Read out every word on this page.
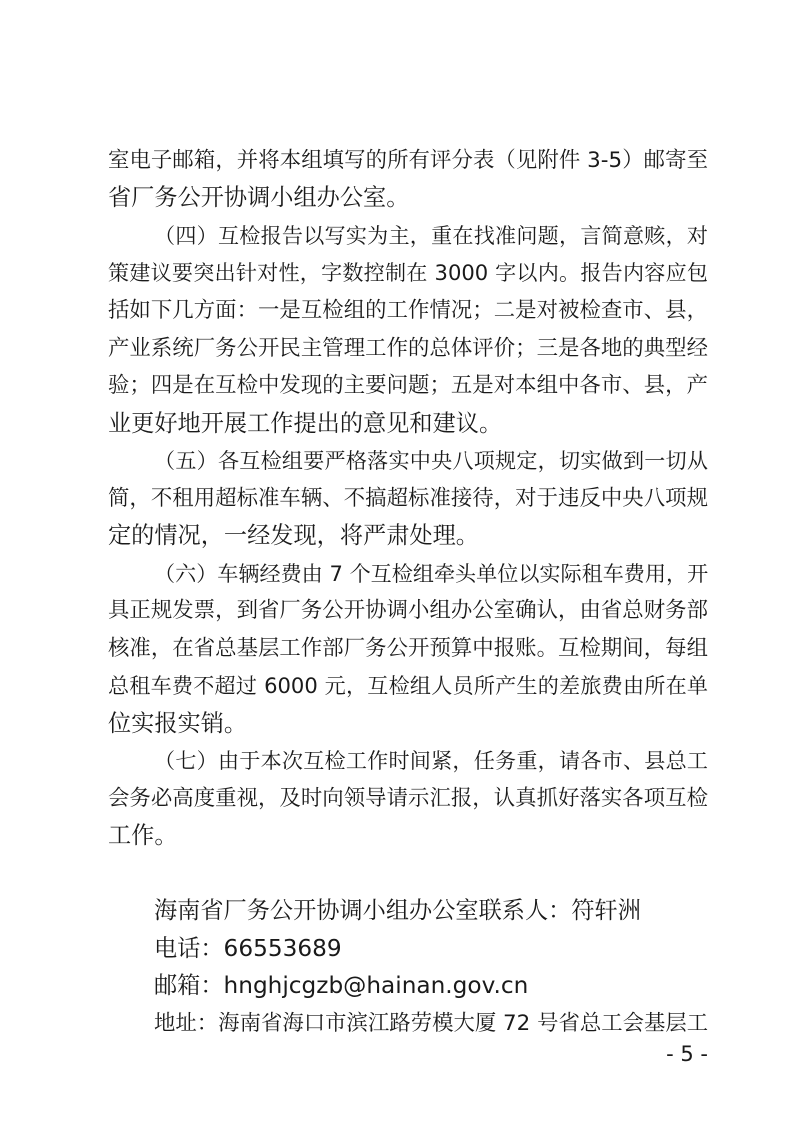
室电子邮箱，并将本组填写的所有评分表（见附件 3-5）邮寄至
省厂务公开协调小组办公室。
（四）互检报告以写实为主，重在找准问题，言简意赅，对
策建议要突出针对性，字数控制在 3000 字以内。报告内容应包
括如下几方面：一是互检组的工作情况；二是对被检查市、县，
产业系统厂务公开民主管理工作的总体评价；三是各地的典型经
验；四是在互检中发现的主要问题；五是对本组中各市、县，产
业更好地开展工作提出的意见和建议。
（五）各互检组要严格落实中央八项规定，切实做到一切从
简，不租用超标准车辆、不搞超标准接待，对于违反中央八项规
定的情况，一经发现，将严肃处理。
（六）车辆经费由 7 个互检组牵头单位以实际租车费用，开
具正规发票，到省厂务公开协调小组办公室确认，由省总财务部
核准，在省总基层工作部厂务公开预算中报账。互检期间，每组
总租车费不超过 6000 元，互检组人员所产生的差旅费由所在单
位实报实销。
（七）由于本次互检工作时间紧，任务重，请各市、县总工
会务必高度重视，及时向领导请示汇报，认真抓好落实各项互检
工作。
海南省厂务公开协调小组办公室联系人：符轩洲
电话：66553689
邮箱：hnghjcgzb@hainan.gov.cn
地址：海南省海口市滨江路劳模大厦 72 号省总工会基层工
- 5 -
